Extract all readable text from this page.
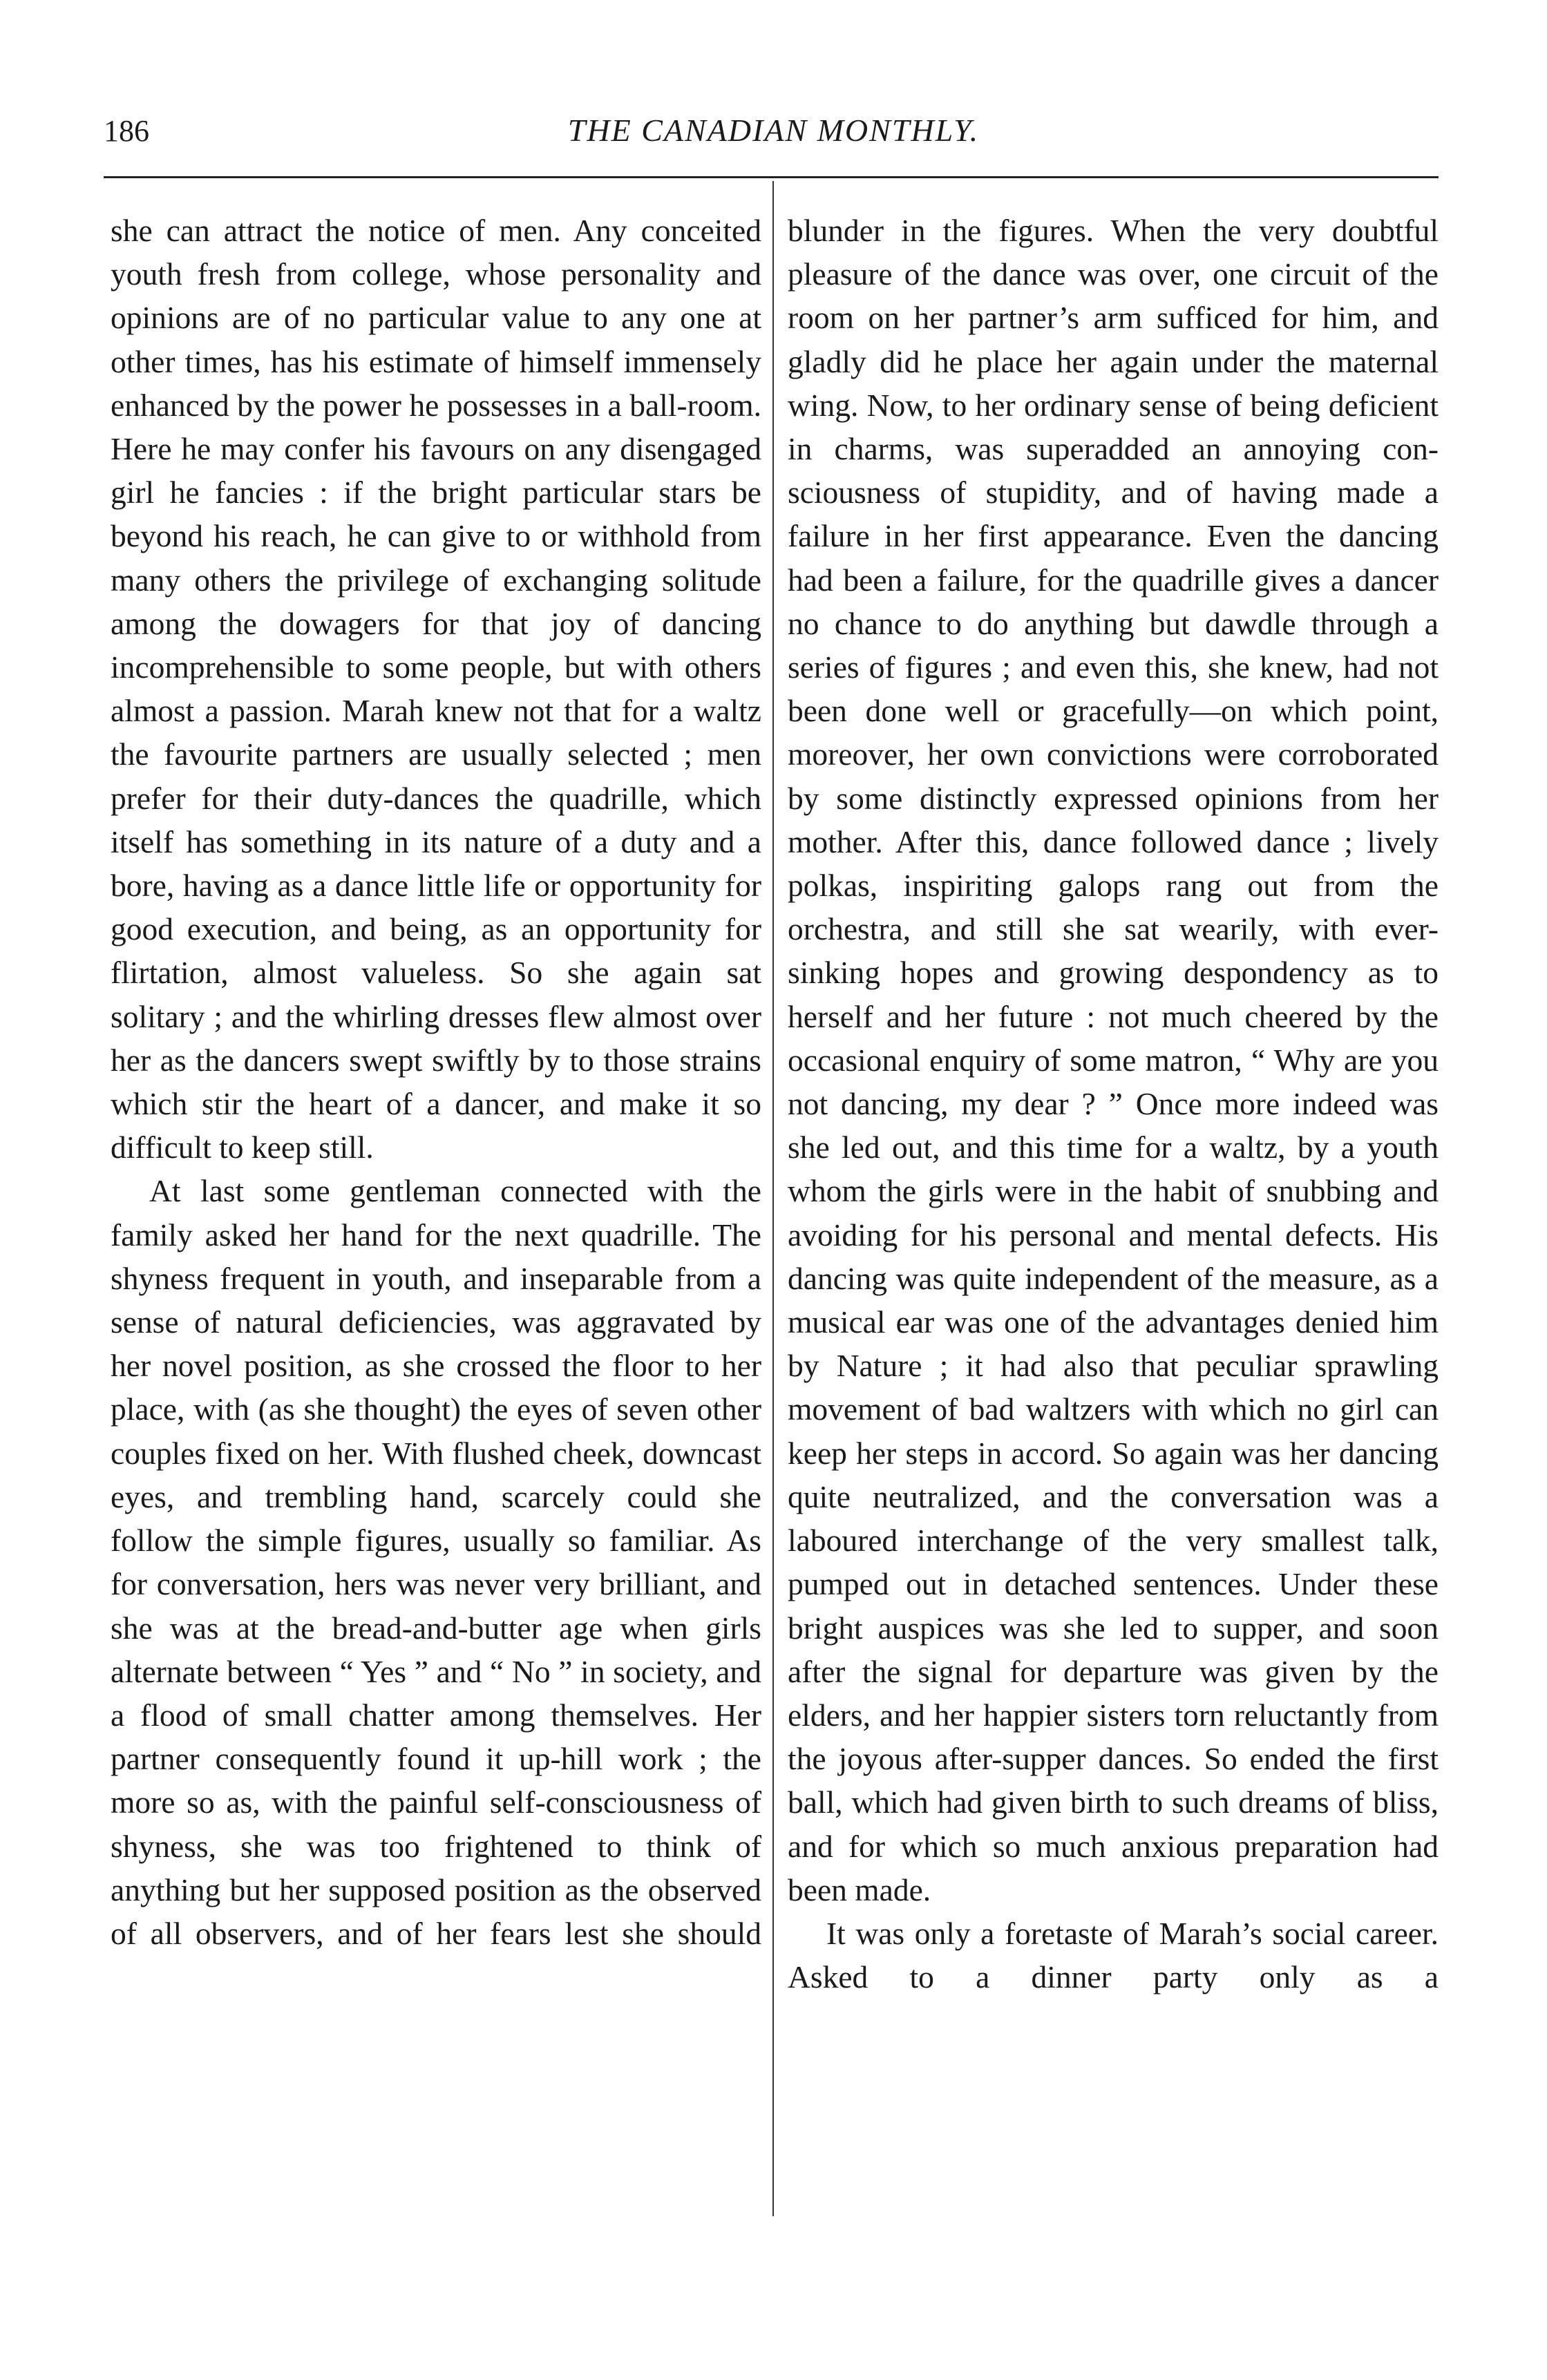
186	THE CANADIAN MONTHLY.

she can attract the notice of men. Any conceited youth fresh from college, whose personality and opinions are of no particular value to any one at other times, has his estimate of himself immensely enhanced by the power he possesses in a ball-room. Here he may confer his favours on any disengaged girl he fancies : if the bright particular stars be beyond his reach, he can give to or withhold from many others the privilege of exchanging solitude among the dowagers for that joy of dancing incomprehensible to some people, but with others almost a passion. Marah knew not that for a waltz the favourite partners are usually selected ; men prefer for their duty-dances the quadrille, which itself has something in its nature of a duty and a bore, having as a dance little life or opportunity for good execution, and being, as an opportunity for flirtation, almost valueless. So she again sat solitary ; and the whirling dresses flew almost over her as the dancers swept swiftly by to those strains which stir the heart of a dancer, and make it so difficult to keep still.

At last some gentleman connected with the family asked her hand for the next quadrille. The shyness frequent in youth, and inseparable from a sense of natural deficiencies, was aggravated by her novel position, as she crossed the floor to her place, with (as she thought) the eyes of seven other couples fixed on her. With flushed cheek, downcast eyes, and trembling hand, scarcely could she follow the simple figures, usually so familiar. As for conversation, hers was never very brilliant, and she was at the bread-and-butter age when girls alternate between “ Yes ” and “ No ” in society, and a flood of small chatter among themselves. Her partner consequently found it up-hill work ; the more so as, with the painful self-consciousness of shyness, she was too frightened to think of anything but her supposed position as the observed of all observers, and of her fears lest she should

blunder in the figures. When the very doubtful pleasure of the dance was over, one circuit of the room on her partner’s arm sufficed for him, and gladly did he place her again under the maternal wing. Now, to her ordinary sense of being deficient in charms, was superadded an annoying consciousness of stupidity, and of having made a failure in her first appearance. Even the dancing had been a failure, for the quadrille gives a dancer no chance to do anything but dawdle through a series of figures ; and even this, she knew, had not been done well or gracefully—on which point, moreover, her own convictions were corroborated by some distinctly expressed opinions from her mother. After this, dance followed dance ; lively polkas, inspiriting galops rang out from the orchestra, and still she sat wearily, with ever-sinking hopes and growing despondency as to herself and her future : not much cheered by the occasional enquiry of some matron, “ Why are you not dancing, my dear ? ” Once more indeed was she led out, and this time for a waltz, by a youth whom the girls were in the habit of snubbing and avoiding for his personal and mental defects. His dancing was quite independent of the measure, as a musical ear was one of the advantages denied him by Nature ; it had also that peculiar sprawling movement of bad waltzers with which no girl can keep her steps in accord. So again was her dancing quite neutralized, and the conversation was a laboured interchange of the very smallest talk, pumped out in detached sentences. Under these bright auspices was she led to supper, and soon after the signal for departure was given by the elders, and her happier sisters torn reluctantly from the joyous after-supper dances. So ended the first ball, which had given birth to such dreams of bliss, and for which so much anxious preparation had been made.

It was only a foretaste of Marah’s social career. Asked to a dinner party only as a
